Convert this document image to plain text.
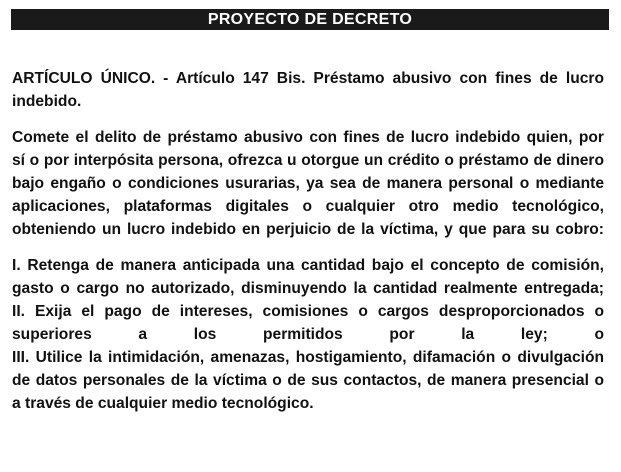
PROYECTO DE DECRETO

ARTÍCULO ÚNICO. - Artículo 147 Bis. Préstamo abusivo con fines de lucro
indebido.

Comete el delito de préstamo abusivo con fines de lucro indebido quien, por
sí o por interpósita persona, ofrezca u otorgue un crédito o préstamo de dinero
bajo engaño o condiciones usurarias, ya sea de manera personal o mediante
aplicaciones, plataformas digitales o cualquier otro medio tecnológico,
obteniendo un lucro indebido en perjuicio de la víctima, y que para su cobro:

I. Retenga de manera anticipada una cantidad bajo el concepto de comisión,
gasto o cargo no autorizado, disminuyendo la cantidad realmente entregada;
II. Exija el pago de intereses, comisiones o cargos desproporcionados o
superiores a los permitidos por la ley; o
III. Utilice la intimidación, amenazas, hostigamiento, difamación o divulgación
de datos personales de la víctima o de sus contactos, de manera presencial o
a través de cualquier medio tecnológico.
